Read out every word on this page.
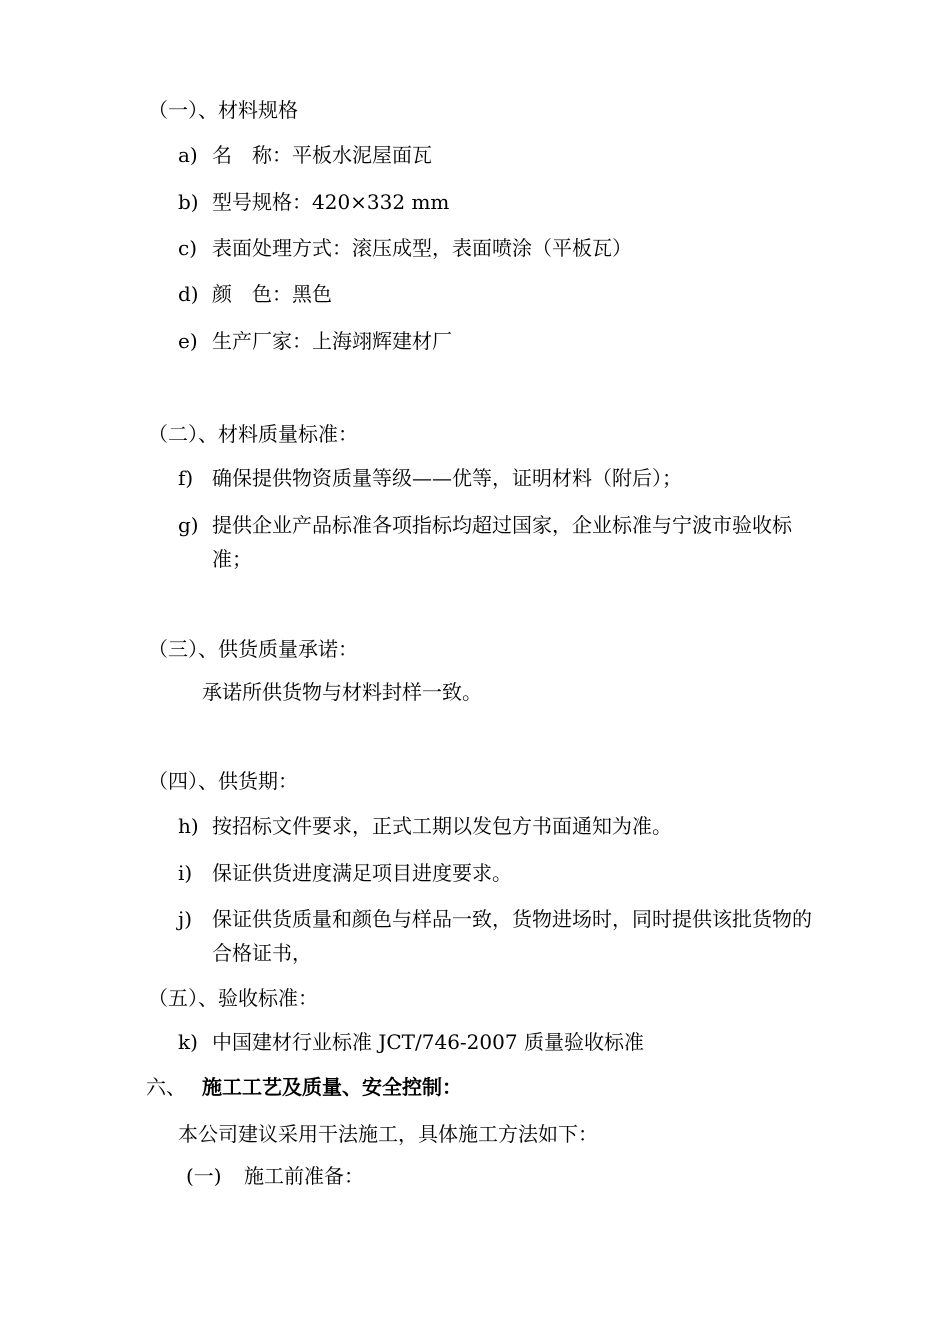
（一）、材料规格
a) 名　称：平板水泥屋面瓦
b) 型号规格：420×332 mm
c) 表面处理方式：滚压成型，表面喷涂（平板瓦）
d) 颜　色：黑色
e) 生产厂家：上海翊辉建材厂
（二）、材料质量标准：
f) 确保提供物资质量等级——优等，证明材料（附后）；
g) 提供企业产品标准各项指标均超过国家，企业标准与宁波市验收标准；
（三）、供货质量承诺：
承诺所供货物与材料封样一致。
（四）、供货期：
h) 按招标文件要求，正式工期以发包方书面通知为准。
i) 保证供货进度满足项目进度要求。
j) 保证供货质量和颜色与样品一致，货物进场时，同时提供该批货物的合格证书，
（五）、验收标准：
k) 中国建材行业标准 JCT/746-2007 质量验收标准
六、 施工工艺及质量、安全控制：
本公司建议采用干法施工，具体施工方法如下：
(一) 施工前准备：
